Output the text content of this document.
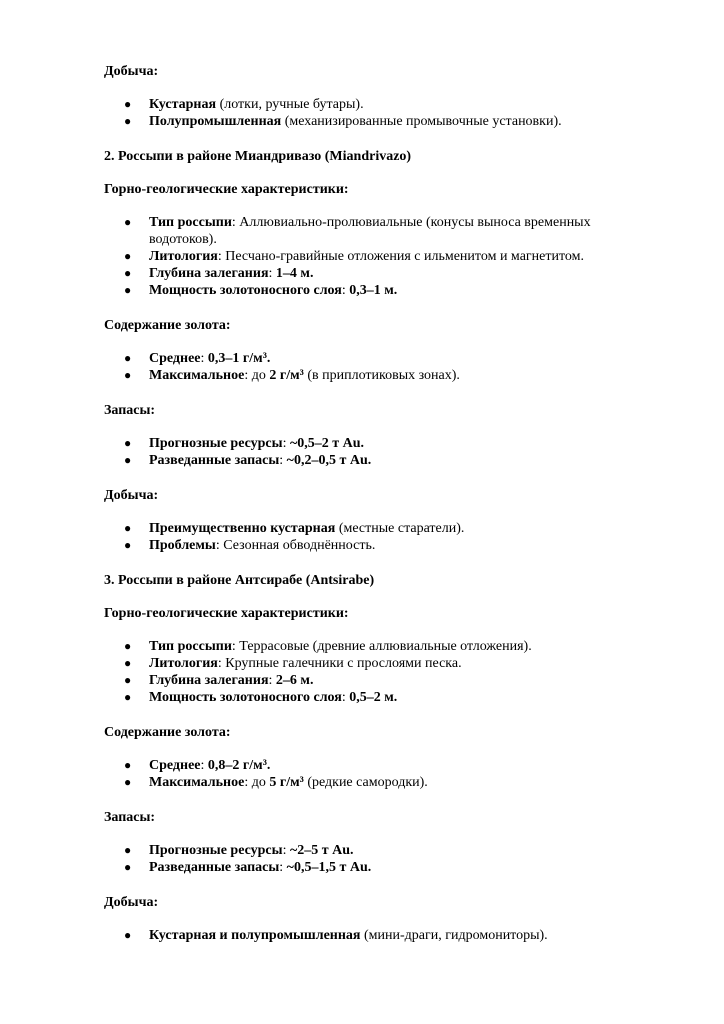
Добыча:

● Кустарная (лотки, ручные бутары).
● Полупромышленная (механизированные промывочные установки).

2. Россыпи в районе Миандривазо (Miandrivazo)

Горно-геологические характеристики:

● Тип россыпи: Аллювиально-пролювиальные (конусы выноса временных
водотоков).
● Литология: Песчано-гравийные отложения с ильменитом и магнетитом.
● Глубина залегания: 1–4 м.
● Мощность золотоносного слоя: 0,3–1 м.

Содержание золота:

● Среднее: 0,3–1 г/м³.
● Максимальное: до 2 г/м³ (в приплотиковых зонах).

Запасы:

● Прогнозные ресурсы: ~0,5–2 т Au.
● Разведанные запасы: ~0,2–0,5 т Au.

Добыча:

● Преимущественно кустарная (местные старатели).
● Проблемы: Сезонная обводнённость.

3. Россыпи в районе Антсирабе (Antsirabe)

Горно-геологические характеристики:

● Тип россыпи: Террасовые (древние аллювиальные отложения).
● Литология: Крупные галечники с прослоями песка.
● Глубина залегания: 2–6 м.
● Мощность золотоносного слоя: 0,5–2 м.

Содержание золота:

● Среднее: 0,8–2 г/м³.
● Максимальное: до 5 г/м³ (редкие самородки).

Запасы:

● Прогнозные ресурсы: ~2–5 т Au.
● Разведанные запасы: ~0,5–1,5 т Au.

Добыча:

● Кустарная и полупромышленная (мини-драги, гидромониторы).
